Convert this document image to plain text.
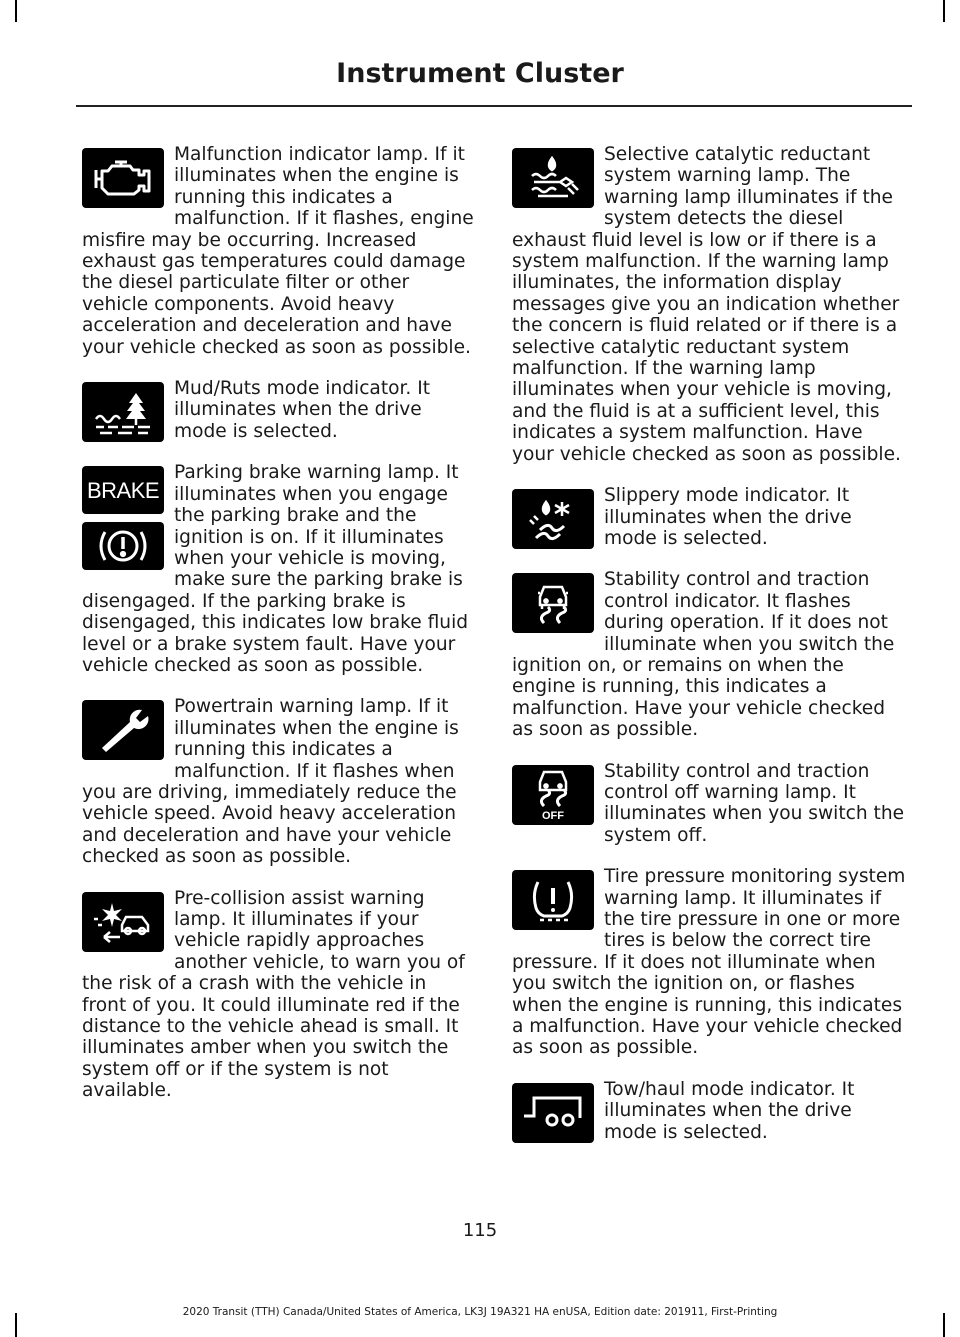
Instrument Cluster

Malfunction indicator lamp. If it illuminates when the engine is running this indicates a malfunction. If it flashes, engine misfire may be occurring. Increased exhaust gas temperatures could damage the diesel particulate filter or other vehicle components. Avoid heavy acceleration and deceleration and have your vehicle checked as soon as possible.

Mud/Ruts mode indicator. It illuminates when the drive mode is selected.

BRAKE

Parking brake warning lamp. It illuminates when you engage the parking brake and the ignition is on. If it illuminates when your vehicle is moving, make sure the parking brake is disengaged. If the parking brake is disengaged, this indicates low brake fluid level or a brake system fault. Have your vehicle checked as soon as possible.

Powertrain warning lamp. If it illuminates when the engine is running this indicates a malfunction. If it flashes when you are driving, immediately reduce the vehicle speed. Avoid heavy acceleration and deceleration and have your vehicle checked as soon as possible.

Pre-collision assist warning lamp. It illuminates if your vehicle rapidly approaches another vehicle, to warn you of the risk of a crash with the vehicle in front of you. It could illuminate red if the distance to the vehicle ahead is small. It illuminates amber when you switch the system off or if the system is not available.

Selective catalytic reductant system warning lamp. The warning lamp illuminates if the system detects the diesel exhaust fluid level is low or if there is a system malfunction. If the warning lamp illuminates, the information display messages give you an indication whether the concern is fluid related or if there is a selective catalytic reductant system malfunction. If the warning lamp illuminates when your vehicle is moving, and the fluid is at a sufficient level, this indicates a system malfunction. Have your vehicle checked as soon as possible.

Slippery mode indicator. It illuminates when the drive mode is selected.

Stability control and traction control indicator. It flashes during operation. If it does not illuminate when you switch the ignition on, or remains on when the engine is running, this indicates a malfunction. Have your vehicle checked as soon as possible.

OFF

Stability control and traction control off warning lamp. It illuminates when you switch the system off.

Tire pressure monitoring system warning lamp. It illuminates if the tire pressure in one or more tires is below the correct tire pressure. If it does not illuminate when you switch the ignition on, or flashes when the engine is running, this indicates a malfunction. Have your vehicle checked as soon as possible.

Tow/haul mode indicator. It illuminates when the drive mode is selected.

115
2020 Transit (TTH) Canada/United States of America, LK3J 19A321 HA enUSA, Edition date: 201911, First-Printing
